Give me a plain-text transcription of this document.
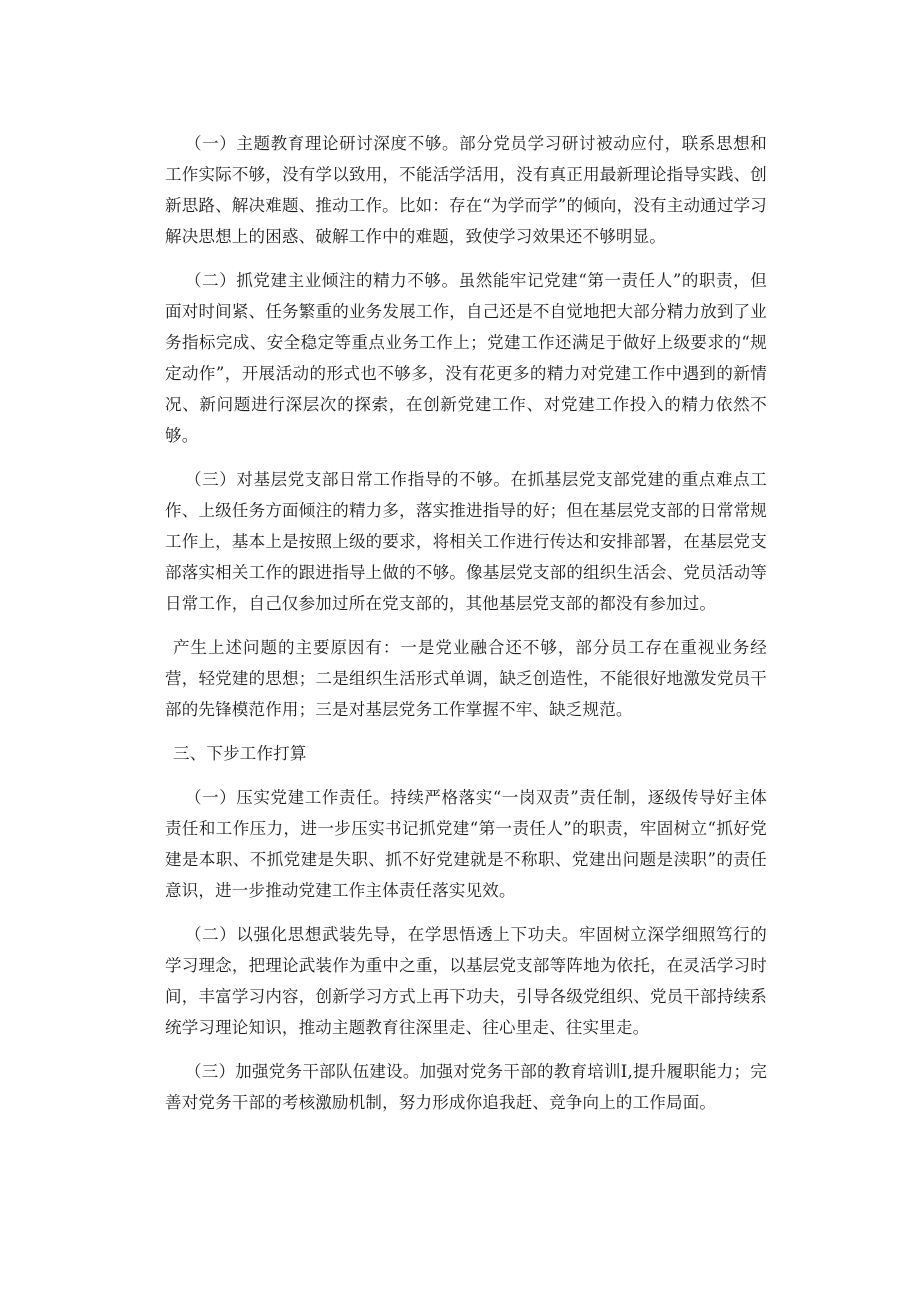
（一）主题教育理论研讨深度不够。部分党员学习研讨被动应付，联系思想和工作实际不够，没有学以致用，不能活学活用，没有真正用最新理论指导实践、创新思路、解决难题、推动工作。比如：存在“为学而学”的倾向，没有主动通过学习解决思想上的困惑、破解工作中的难题，致使学习效果还不够明显。

（二）抓党建主业倾注的精力不够。虽然能牢记党建“第一责任人”的职责，但面对时间紧、任务繁重的业务发展工作，自己还是不自觉地把大部分精力放到了业务指标完成、安全稳定等重点业务工作上；党建工作还满足于做好上级要求的“规定动作”，开展活动的形式也不够多，没有花更多的精力对党建工作中遇到的新情况、新问题进行深层次的探索，在创新党建工作、对党建工作投入的精力依然不够。

（三）对基层党支部日常工作指导的不够。在抓基层党支部党建的重点难点工作、上级任务方面倾注的精力多，落实推进指导的好；但在基层党支部的日常常规工作上，基本上是按照上级的要求，将相关工作进行传达和安排部署，在基层党支部落实相关工作的跟进指导上做的不够。像基层党支部的组织生活会、党员活动等日常工作，自己仅参加过所在党支部的，其他基层党支部的都没有参加过。

产生上述问题的主要原因有：一是党业融合还不够，部分员工存在重视业务经营，轻党建的思想；二是组织生活形式单调，缺乏创造性，不能很好地激发党员干部的先锋模范作用；三是对基层党务工作掌握不牢、缺乏规范。

三、下步工作打算

（一）压实党建工作责任。持续严格落实“一岗双责”责任制，逐级传导好主体责任和工作压力，进一步压实书记抓党建“第一责任人”的职责，牢固树立“抓好党建是本职、不抓党建是失职、抓不好党建就是不称职、党建出问题是渎职”的责任意识，进一步推动党建工作主体责任落实见效。

（二）以强化思想武装先导，在学思悟透上下功夫。牢固树立深学细照笃行的学习理念，把理论武装作为重中之重，以基层党支部等阵地为依托，在灵活学习时间，丰富学习内容，创新学习方式上再下功夫，引导各级党组织、党员干部持续系统学习理论知识，推动主题教育往深里走、往心里走、往实里走。

（三）加强党务干部队伍建设。加强对党务干部的教育培训I,提升履职能力；完善对党务干部的考核激励机制，努力形成你追我赶、竞争向上的工作局面。
